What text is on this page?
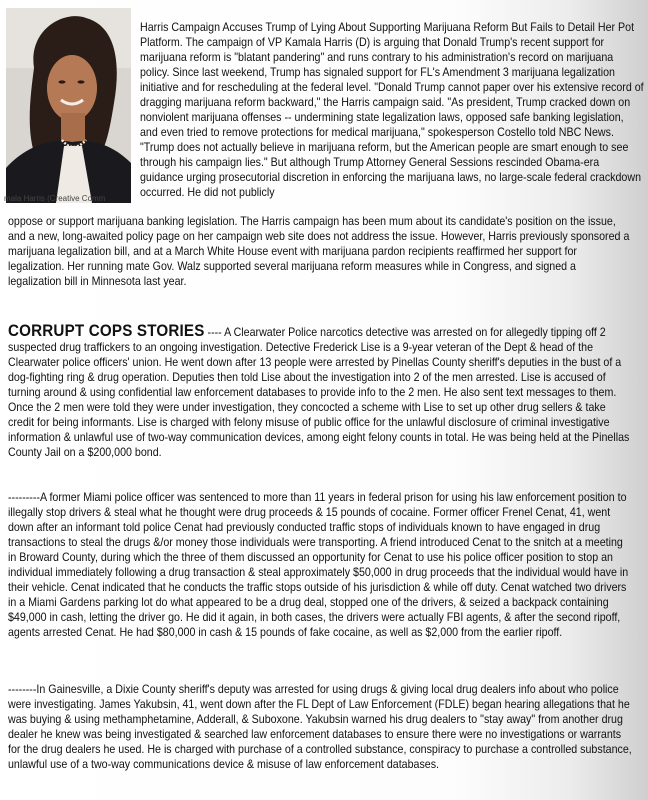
mala Harris (Creative Comm

Harris Campaign Accuses Trump of Lying About Supporting Marijuana Reform But Fails to Detail Her Pot Platform. The campaign of VP Kamala Harris (D) is arguing that Donald Trump's recent support for marijuana reform is "blatant pandering" and runs contrary to his administration's record on marijuana policy. Since last weekend, Trump has signaled support for FL's Amendment 3 marijuana legalization initiative and for rescheduling at the federal level. "Donald Trump cannot paper over his extensive record of dragging marijuana reform backward," the Harris campaign said. "As president, Trump cracked down on nonviolent marijuana offenses -- undermining state legalization laws, opposed safe banking legislation, and even tried to remove protections for medical marijuana," spokesperson Costello told NBC News. "Trump does not actually believe in marijuana reform, but the American people are smart enough to see through his campaign lies." But although Trump Attorney General Sessions rescinded Obama-era guidance urging prosecutorial discretion in enforcing the marijuana laws, no large-scale federal crackdown occurred. He did not publicly

oppose or support marijuana banking legislation. The Harris campaign has been mum about its candidate's position on the issue, and a new, long-awaited policy page on her campaign web site does not address the issue. However, Harris previously sponsored a marijuana legalization bill, and at a March White House event with marijuana pardon recipients reaffirmed her support for legalization. Her running mate Gov. Walz supported several marijuana reform measures while in Congress, and signed a legalization bill in Minnesota last year.

CORRUPT COPS STORIES ---- A Clearwater Police narcotics detective was arrested on for allegedly tipping off 2 suspected drug traffickers to an ongoing investigation. Detective Frederick Lise is a 9-year veteran of the Dept & head of the Clearwater police officers' union. He went down after 13 people were arrested by Pinellas County sheriff's deputies in the bust of a dog-fighting ring & drug operation. Deputies then told Lise about the investigation into 2 of the men arrested. Lise is accused of turning around & using confidential law enforcement databases to provide info to the 2 men. He also sent text messages to them. Once the 2 men were told they were under investigation, they concocted a scheme with Lise to set up other drug sellers & take credit for being informants. Lise is charged with felony misuse of public office for the unlawful disclosure of criminal investigative information & unlawful use of two-way communication devices, among eight felony counts in total. He was being held at the Pinellas County Jail on a $200,000 bond.

---------A former Miami police officer was sentenced to more than 11 years in federal prison for using his law enforcement position to illegally stop drivers & steal what he thought were drug proceeds & 15 pounds of cocaine. Former officer Frenel Cenat, 41, went down after an informant told police Cenat had previously conducted traffic stops of individuals known to have engaged in drug transactions to steal the drugs &/or money those individuals were transporting. A friend introduced Cenat to the snitch at a meeting in Broward County, during which the three of them discussed an opportunity for Cenat to use his police officer position to stop an individual immediately following a drug transaction & steal approximately $50,000 in drug proceeds that the individual would have in their vehicle. Cenat indicated that he conducts the traffic stops outside of his jurisdiction & while off duty. Cenat watched two drivers in a Miami Gardens parking lot do what appeared to be a drug deal, stopped one of the drivers, & seized a backpack containing $49,000 in cash, letting the driver go. He did it again, in both cases, the drivers were actually FBI agents, & after the second ripoff, agents arrested Cenat. He had $80,000 in cash & 15 pounds of fake cocaine, as well as $2,000 from the earlier ripoff.

--------In Gainesville, a Dixie County sheriff's deputy was arrested for using drugs & giving local drug dealers info about who police were investigating. James Yakubsin, 41, went down after the FL Dept of Law Enforcement (FDLE) began hearing allegations that he was buying & using methamphetamine, Adderall, & Suboxone. Yakubsin warned his drug dealers to "stay away" from another drug dealer he knew was being investigated & searched law enforcement databases to ensure there were no investigations or warrants for the drug dealers he used. He is charged with purchase of a controlled substance, conspiracy to purchase a controlled substance, unlawful use of a two-way communications device & misuse of law enforcement databases.
